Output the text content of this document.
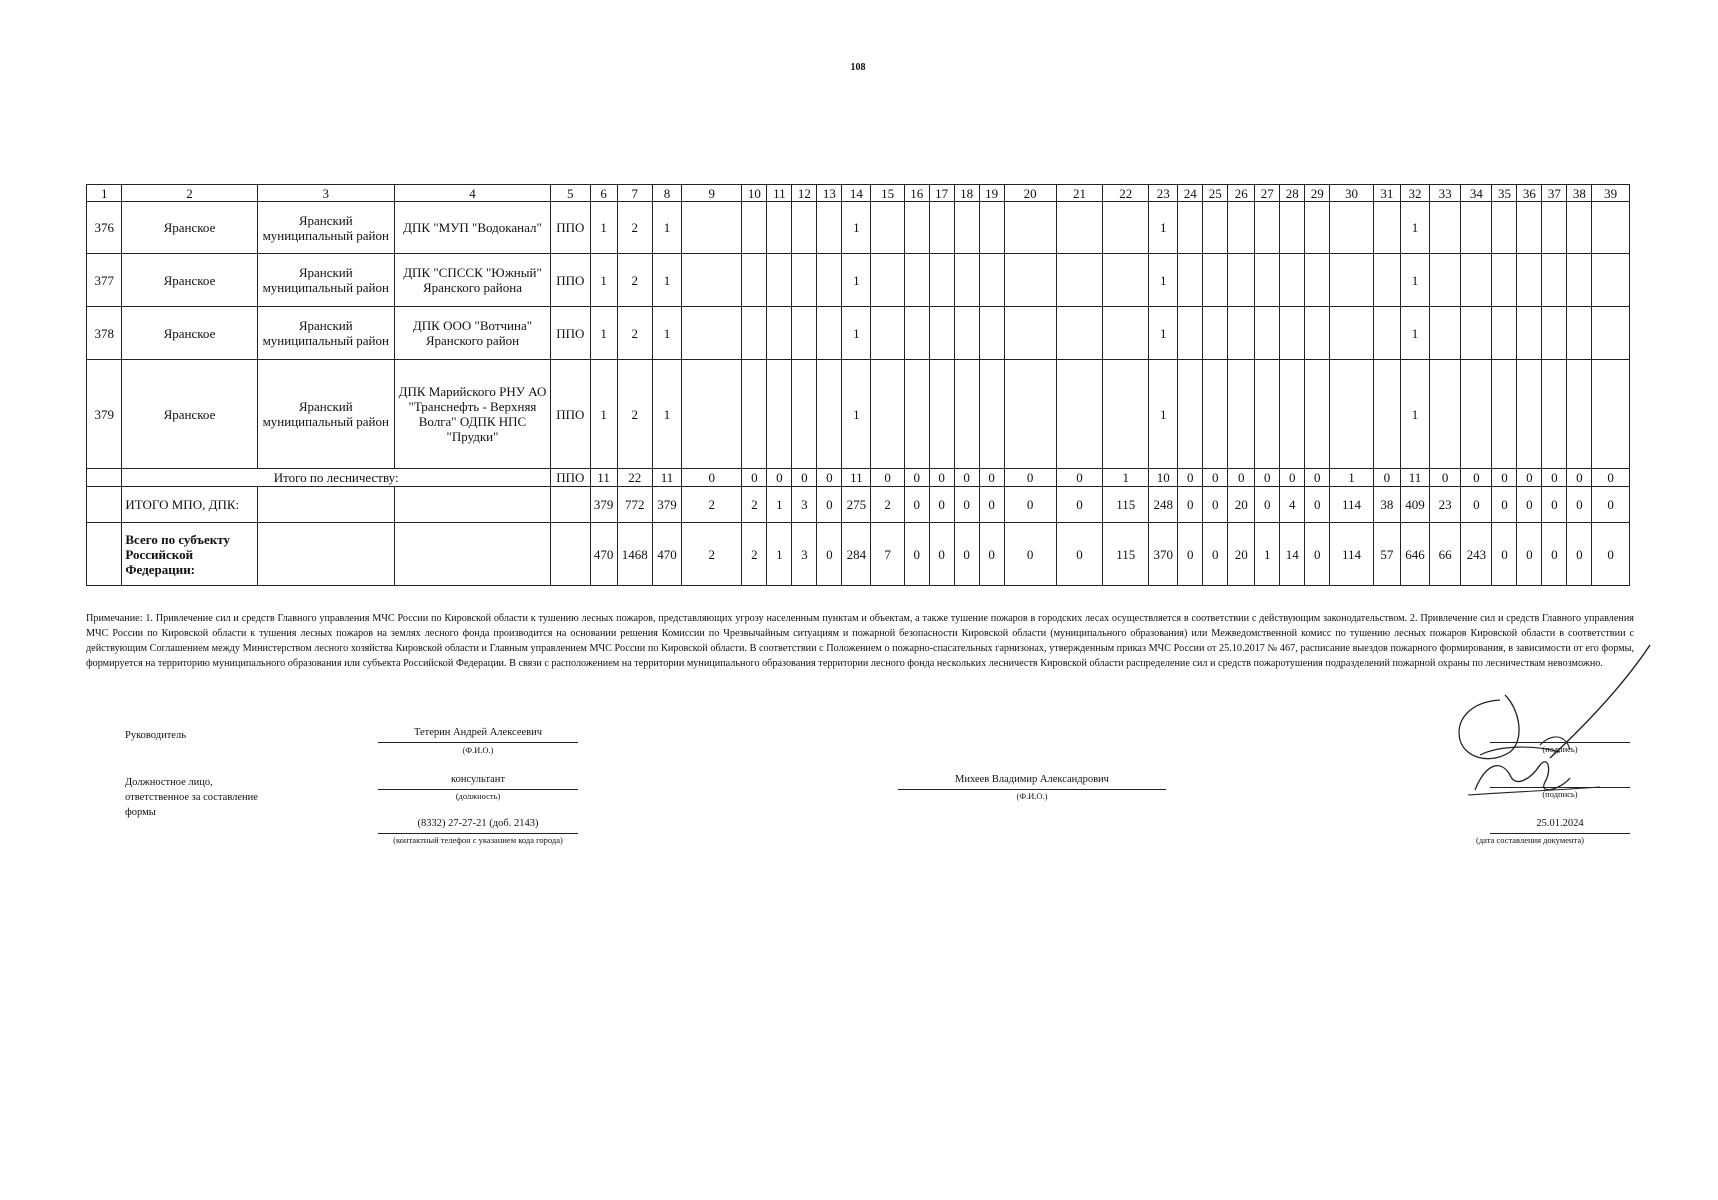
108
1	2	3	4	5	6	7	8	9	10	11	12	13	14	15	16	17	18	19	20	21	22	23	24	25	26	27	28	29	30	31	32	33	34	35	36	37	38	39
376	Яранское	Яранский муниципальный район	ДПК "МУП "Водоканал"	ППО	1	2	1						1									1									1							
377	Яранское	Яранский муниципальный район	ДПК "СПССК "Южный" Яранского района	ППО	1	2	1						1									1									1							
378	Яранское	Яранский муниципальный район	ДПК ООО "Вотчина" Яранского район	ППО	1	2	1						1									1									1							
379	Яранское	Яранский муниципальный район	ДПК Марийского РНУ АО "Транснефть - Верхняя Волга" ОДПК НПС "Прудки"	ППО	1	2	1						1									1									1							
	Итого по лесничеству:			ППО	11	22	11	0	0	0	0	0	11	0	0	0	0	0	0	0	1	10	0	0	0	0	0	0	1	0	11	0	0	0	0	0	0	0
	ИТОГО МПО, ДПК:				379	772	379	2	2	1	3	0	275	2	0	0	0	0	0	0	115	248	0	0	20	0	4	0	114	38	409	23	0	0	0	0	0	0
	Всего по субъекту Российской Федерации:				470	1468	470	2	2	1	3	0	284	7	0	0	0	0	0	0	115	370	0	0	20	1	14	0	114	57	646	66	243	0	0	0	0	0
Примечание: 1. Привлечение сил и средств Главного управления МЧС России по Кировской области к тушению лесных пожаров, представляющих угрозу населенным пунктам и объектам, а также тушение пожаров в городских лесах осуществляется в соответствии с действующим законодательством. 2. Привлечение сил и средств Главного управления МЧС России по Кировской области к тушения лесных пожаров на землях лесного фонда производится на основании решения Комиссии по Чрезвычайным ситуациям и пожарной безопасности Кировской области (муниципального образования) или Межведомственной комисс по тушению лесных пожаров Кировской области в соответствии с действующим Соглашением между Министерством лесного хозяйства Кировской области и Главным управлением МЧС России по Кировской области. В соответствии с Положением о пожарно-спасательных гарнизонах, утвержденным приказ МЧС России от 25.10.2017 № 467, расписание выездов пожарного формирования, в зависимости от его формы, формируется на территорию муниципального образования или субъекта Российской Федерации. В связи с расположением на территории муниципального образования территории лесного фонда нескольких лесничеств Кировской области распределение сил и средств пожаротушения подразделений пожарной охраны по лесничествам невозможно.
Руководитель	Тетерин Андрей Алексеевич
(Ф.И.О.)
Должностное лицо, ответственное за составление формы
консультант
(должность)
(8332) 27-27-21 (доб. 2143)
(контактный телефон с указанием кода города)
Михеев Владимир Александрович
(Ф.И.О.)
(подпись)
(подпись)
25.01.2024
(дата составления документа)
